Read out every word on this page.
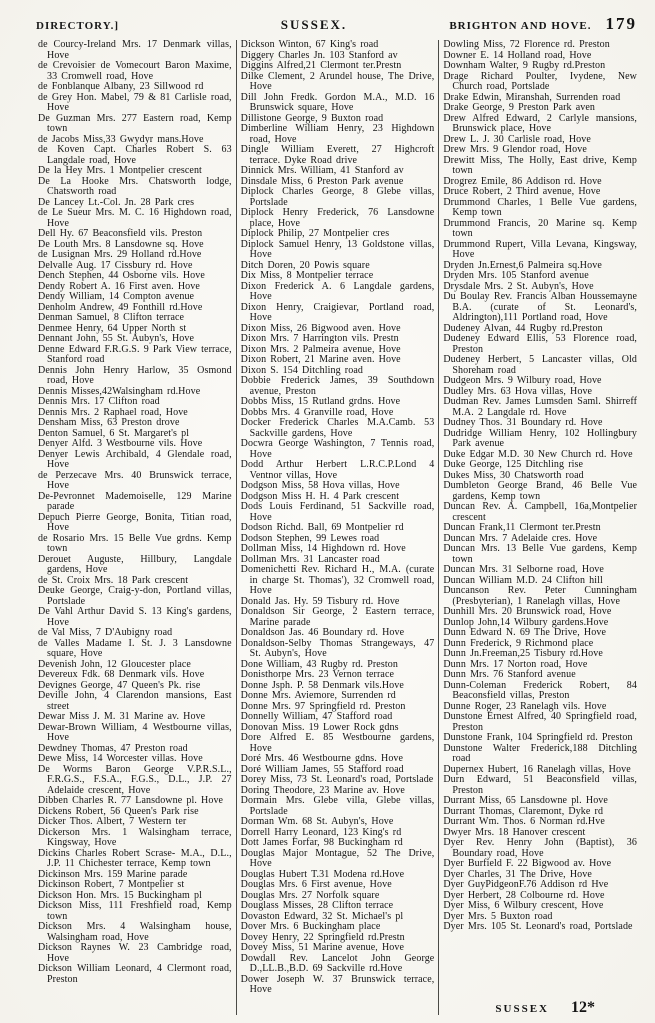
DIRECTORY.]	SUSSEX.	BRIGHTON AND HOVE. 179
de Courcy-Ireland Mrs. 17 Denmark villas, Hove
de Crevoisier de Vomecourt Baron Maxime, 33 Cromwell road, Hove
de Fonblanque Albany, 23 Sillwood rd
de Grey Hon. Mabel, 79 & 81 Carlisle road, Hove
De Guzman Mrs. 277 Eastern road, Kemp town
de Jacobs Miss,33 Gwydyr mans.Hove
de Koven Capt. Charles Robert S. 63 Langdale road, Hove
De la Hey Mrs. 1 Montpelier crescent
De La Hooke Mrs. Chatsworth lodge, Chatsworth road
De Lancey Lt.-Col. Jn. 28 Park cres
de Le Sueur Mrs. M. C. 16 Highdown road, Hove
Dell Hy. 67 Beaconsfield vils. Preston
De Louth Mrs. 8 Lansdowne sq. Hove
de Lusignan Mrs. 29 Holland rd.Hove
Delvalle Aug. 17 Cissbury rd. Hove
Dench Stephen, 44 Osborne vils. Hove
Dendy Robert A. 16 First aven. Hove
Dendy William, 14 Compton avenue
Denholm Andrew, 49 Fonthill rd.Hove
Denman Samuel, 8 Clifton terrace
Denmee Henry, 64 Upper North st
Dennant John, 55 St. Aubyn's, Hove
Denne Edward F.R.G.S. 9 Park View terrace, Stanford road
Dennis John Henry Harlow, 35 Osmond road, Hove
Dennis Misses,42Walsingham rd.Hove
Dennis Mrs. 17 Clifton road
Dennis Mrs. 2 Raphael road, Hove
Densham Miss, 63 Preston drove
Denton Samuel, 6 St. Margaret's pl
Denyer Alfd. 3 Westbourne vils. Hove
Denyer Lewis Archibald, 4 Glendale road, Hove
de Perzecave Mrs. 40 Brunswick terrace, Hove
De-Pevronnet Mademoiselle, 129 Marine parade
Depuch Pierre George, Bonita, Titian road, Hove
de Rosario Mrs. 15 Belle Vue grdns. Kemp town
Derouet Auguste, Hillbury, Langdale gardens, Hove
de St. Croix Mrs. 18 Park crescent
Deuke George, Craig-y-don, Portland villas, Portslade
De Vahl Arthur David S. 13 King's gardens, Hove
de Val Miss, 7 D'Aubigny road
de Valles Madame I. St. J. 3 Lansdowne square, Hove
Devenish John, 12 Gloucester place
Devereux Fdk. 68 Denmark vils. Hove
Devignes George, 47 Queen's Pk. rise
Deville John, 4 Clarendon mansions, East street
Dewar Miss J. M. 31 Marine av. Hove
Dewar-Brown William, 4 Westbourne villas, Hove
Dewdney Thomas, 47 Preston road
Dewe Miss, 14 Worcester villas. Hove
De Worms Baron George V.P.R.S.L., F.R.G.S., F.S.A., F.G.S., D.L., J.P. 27 Adelaide crescent, Hove
Dibben Charles R. 77 Lansdowne pl. Hove
Dickens Robert, 56 Queen's Park rise
Dicker Thos. Albert, 7 Western ter
Dickerson Mrs. 1 Walsingham terrace, Kingsway, Hove
Dickins Charles Robert Scrase- M.A., D.L., J.P. 11 Chichester terrace, Kemp town
Dickinson Mrs. 159 Marine parade
Dickinson Robert, 7 Montpelier st
Dickson Hon. Mrs. 15 Buckingham pl
Dickson Miss, 111 Freshfield road, Kemp town
Dickson Mrs. 4 Walsingham house, Walsingham road, Hove
Dickson Raynes W. 23 Cambridge road, Hove
Dickson William Leonard, 4 Clermont road, Preston
Dickson Winton, 67 King's road
Diggery Charles Jn. 103 Stanford av
Diggins Alfred,21 Clermont ter.Prestn
Dilke Clement, 2 Arundel house, The Drive, Hove
Dill John Fredk. Gordon M.A., M.D. 16 Brunswick square, Hove
Dillistone George, 9 Buxton road
Dimberline William Henry, 23 Highdown road, Hove
Dingle William Everett, 27 Highcroft terrace. Dyke Road drive
Dinnick Mrs. William, 41 Stanford av
Dinsdale Miss, 6 Preston Park avenue
Diplock Charles George, 8 Glebe villas, Portslade
Diplock Henry Frederick, 76 Lansdowne place, Hove
Diplock Philip, 27 Montpelier cres
Diplock Samuel Henry, 13 Goldstone villas, Hove
Ditch Doren, 20 Powis square
Dix Miss, 8 Montpelier terrace
Dixon Frederick A. 6 Langdale gardens, Hove
Dixon Henry, Craigievar, Portland road, Hove
Dixon Miss, 26 Bigwood aven. Hove
Dixon Mrs. 7 Harrington vils. Prestn
Dixon Mrs. 2 Palmeira avenue, Hove
Dixon Robert, 21 Marine aven. Hove
Dixon S. 154 Ditchling road
Dobbie Frederick James, 39 Southdown avenue, Preston
Dobbs Miss, 15 Rutland grdns. Hove
Dobbs Mrs. 4 Granville road, Hove
Docker Frederick Charles M.A.Camb. 53 Sackville gardens, Hove
Docwra George Washington, 7 Tennis road, Hove
Dodd Arthur Herbert L.R.C.P.Lond 4 Ventnor villas, Hove
Dodgson Miss, 58 Hova villas, Hove
Dodgson Miss H. H. 4 Park crescent
Dods Louis Ferdinand, 51 Sackville road, Hove
Dodson Richd. Ball, 69 Montpelier rd
Dodson Stephen, 99 Lewes road
Dollman Miss, 14 Highdown rd. Hove
Dollman Mrs. 31 Lancaster road
Domenichetti Rev. Richard H., M.A. (curate in charge St. Thomas'), 32 Cromwell road, Hove
Donald Jas. Hy. 59 Tisbury rd. Hove
Donaldson Sir George, 2 Eastern terrace, Marine parade
Donaldson Jas. 46 Boundary rd. Hove
Donaldson-Selby Thomas Strangeways, 47 St. Aubyn's, Hove
Done William, 43 Rugby rd. Preston
Donisthorpe Mrs. 23 Vernon terrace
Donne Jsph. P. 58 Denmark vils.Hove
Donne Mrs. Aviemore, Surrenden rd
Donne Mrs. 97 Springfield rd. Preston
Donnelly William, 47 Stafford road
Donovan Miss. 19 Lower Rock gdns
Dore Alfred E. 85 Westbourne gardens, Hove
Doré Mrs. 46 Westbourne gdns. Hove
Doré William James, 55 Stafford road
Dorey Miss, 73 St. Leonard's road, Portslade
Doring Theodore, 23 Marine av. Hove
Dormain Mrs. Glebe villa, Glebe villas, Portslade
Dorman Wm. 68 St. Aubyn's, Hove
Dorrell Harry Leonard, 123 King's rd
Dott James Forfar, 98 Buckingham rd
Douglas Major Montague, 52 The Drive, Hove
Douglas Hubert T.31 Modena rd.Hove
Douglas Mrs. 6 First avenue, Hove
Douglas Mrs. 27 Norfolk square
Douglass Misses, 28 Clifton terrace
Dovaston Edward, 32 St. Michael's pl
Dover Mrs. 6 Buckingham place
Dovey Henry, 22 Springfield rd.Prestn
Dovey Miss, 51 Marine avenue, Hove
Dowdall Rev. Lancelot John George D.,LL.B.,B.D. 69 Sackville rd.Hove
Dower Joseph W. 37 Brunswick terrace, Hove
Dowling Miss, 72 Florence rd. Preston
Downer E. 14 Holland road, Hove
Downham Walter, 9 Rugby rd.Preston
Drage Richard Poulter, Ivydene, New Church road, Portslade
Drake Edwin, Miranshah, Surrenden road
Drake George, 9 Preston Park aven
Drew Alfred Edward, 2 Carlyle mansions, Brunswick place, Hove
Drew L. J. 30 Carlisle road, Hove
Drew Mrs. 9 Glendor road, Hove
Drewitt Miss, The Holly, East drive, Kemp town
Drogrez Emile, 86 Addison rd. Hove
Druce Robert, 2 Third avenue, Hove
Drummond Charles, 1 Belle Vue gardens, Kemp town
Drummond Francis, 20 Marine sq. Kemp town
Drummond Rupert, Villa Levana, Kingsway, Hove
Dryden Jn.Ernest,6 Palmeira sq.Hove
Dryden Mrs. 105 Stanford avenue
Drysdale Mrs. 2 St. Aubyn's, Hove
Du Boulay Rev. Francis Alban Houssemayne B.A. (curate of St. Leonard's, Aldrington),111 Portland road, Hove
Dudeney Alvan, 44 Rugby rd.Preston
Dudeney Edward Ellis, 53 Florence road, Preston
Dudeney Herbert, 5 Lancaster villas, Old Shoreham road
Dudgeon Mrs. 9 Wilbury road, Hove
Dudley Mrs. 63 Hova villas, Hove
Dudman Rev. James Lumsden Saml. Shirreff M.A. 2 Langdale rd. Hove
Dudney Thos. 31 Boundary rd. Hove
Dudridge William Henry, 102 Hollingbury Park avenue
Duke Edgar M.D. 30 New Church rd. Hove
Duke George, 125 Ditchling rise
Dukes Miss, 30 Chatsworth road
Dumbleton George Brand, 46 Belle Vue gardens, Kemp town
Duncan Rev. A. Campbell, 16a,Montpelier crescent
Duncan Frank,11 Clermont ter.Prestn
Duncan Mrs. 7 Adelaide cres. Hove
Duncan Mrs. 13 Belle Vue gardens, Kemp town
Duncan Mrs. 31 Selborne road, Hove
Duncan William M.D. 24 Clifton hill
Duncanson Rev. Peter Cunningham (Presbyterian), 1 Ranelagh villas, Hove
Dunhill Mrs. 20 Brunswick road, Hove
Dunlop John,14 Wilbury gardens.Hove
Dunn Edward N. 69 The Drive, Hove
Dunn Frederick, 9 Richmond place
Dunn Jn.Freeman,25 Tisbury rd.Hove
Dunn Mrs. 17 Norton road, Hove
Dunn Mrs. 76 Stanford avenue
Dunn-Coleman Frederick Robert, 84 Beaconsfield villas, Preston
Dunne Roger, 23 Ranelagh vils. Hove
Dunstone Ernest Alfred, 40 Springfield road, Preston
Dunstone Frank, 104 Springfield rd. Preston
Dunstone Walter Frederick,188 Ditchling road
Dupernex Hubert, 16 Ranelagh villas, Hove
Durn Edward, 51 Beaconsfield villas, Preston
Durrant Miss, 65 Lansdowne pl. Hove
Durrant Thomas, Claremont, Dyke rd
Durrant Wm. Thos. 6 Norman rd.Hve
Dwyer Mrs. 18 Hanover crescent
Dyer Rev. Henry John (Baptist), 36 Boundary road, Hove
Dyer Burfield F. 22 Bigwood av. Hove
Dyer Charles, 31 The Drive, Hove
Dyer GuyPidgeonF.76 Addison rd Hve
Dyer Herbert, 28 Colbourne rd. Hove
Dyer Miss, 6 Wilbury crescent, Hove
Dyer Mrs. 5 Buxton road
Dyer Mrs. 105 St. Leonard's road, Portslade
SUSSEX 12*
